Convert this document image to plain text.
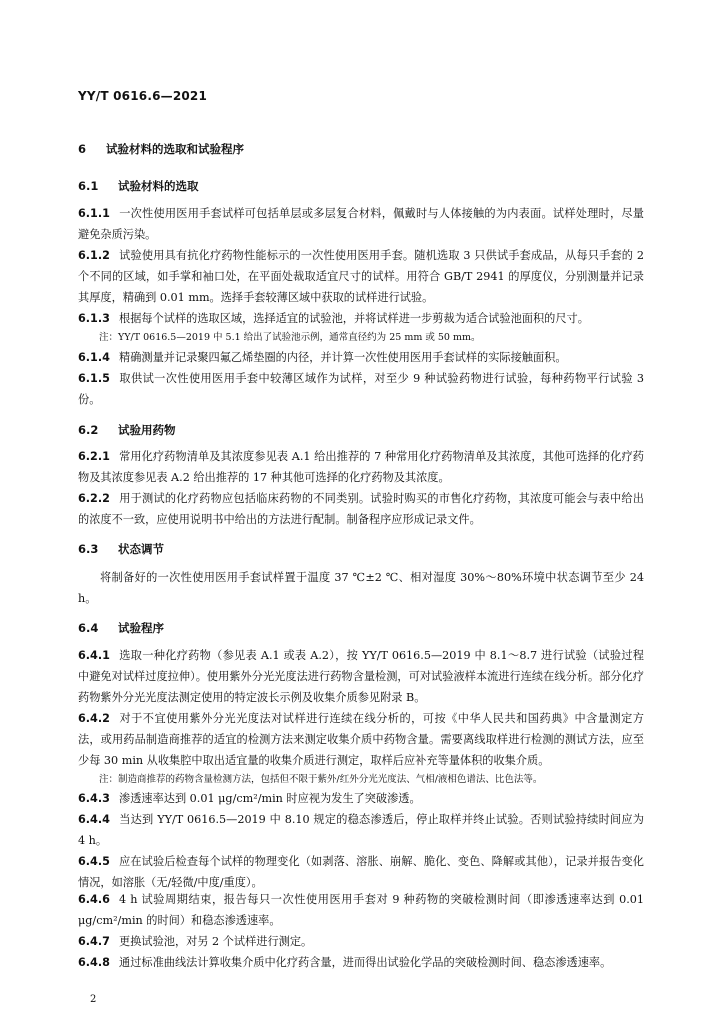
YY/T 0616.6—2021
6 试验材料的选取和试验程序
6.1 试验材料的选取
6.1.1 一次性使用医用手套试样可包括单层或多层复合材料，佩戴时与人体接触的为内表面。试样处理时，尽量避免杂质污染。
6.1.2 试验使用具有抗化疗药物性能标示的一次性使用医用手套。随机选取 3 只供试手套成品，从每只手套的 2 个不同的区域，如手掌和袖口处，在平面处裁取适宜尺寸的试样。用符合 GB/T 2941 的厚度仪，分别测量并记录其厚度，精确到 0.01 mm。选择手套较薄区域中获取的试样进行试验。
6.1.3 根据每个试样的选取区域，选择适宜的试验池，并将试样进一步剪裁为适合试验池面积的尺寸。
注：YY/T 0616.5—2019 中 5.1 给出了试验池示例，通常直径约为 25 mm 或 50 mm。
6.1.4 精确测量并记录聚四氟乙烯垫圈的内径，并计算一次性使用医用手套试样的实际接触面积。
6.1.5 取供试一次性使用医用手套中较薄区域作为试样，对至少 9 种试验药物进行试验，每种药物平行试验 3 份。
6.2 试验用药物
6.2.1 常用化疗药物清单及其浓度参见表 A.1 给出推荐的 7 种常用化疗药物清单及其浓度，其他可选择的化疗药物及其浓度参见表 A.2 给出推荐的 17 种其他可选择的化疗药物及其浓度。
6.2.2 用于测试的化疗药物应包括临床药物的不同类别。试验时购买的市售化疗药物，其浓度可能会与表中给出的浓度不一致，应使用说明书中给出的方法进行配制。制备程序应形成记录文件。
6.3 状态调节
将制备好的一次性使用医用手套试样置于温度 37 ℃±2 ℃、相对湿度 30%～80%环境中状态调节至少 24 h。
6.4 试验程序
6.4.1 选取一种化疗药物（参见表 A.1 或表 A.2），按 YY/T 0616.5—2019 中 8.1～8.7 进行试验（试验过程中避免对试样过度拉伸）。使用紫外分光光度法进行药物含量检测，可对试验液样本流进行连续在线分析。部分化疗药物紫外分光光度法测定使用的特定波长示例及收集介质参见附录 B。
6.4.2 对于不宜使用紫外分光光度法对试样进行连续在线分析的，可按《中华人民共和国药典》中含量测定方法，或用药品制造商推荐的适宜的检测方法来测定收集介质中药物含量。需要离线取样进行检测的测试方法，应至少每 30 min 从收集腔中取出适宜量的收集介质进行测定，取样后应补充等量体积的收集介质。
注：制造商推荐的药物含量检测方法，包括但不限于紫外/红外分光光度法、气相/液相色谱法、比色法等。
6.4.3 渗透速率达到 0.01 μg/cm²/min 时应视为发生了突破渗透。
6.4.4 当达到 YY/T 0616.5—2019 中 8.10 规定的稳态渗透后，停止取样并终止试验。否则试验持续时间应为 4 h。
6.4.5 应在试验后检查每个试样的物理变化（如剥落、溶胀、崩解、脆化、变色、降解或其他），记录并报告变化情况，如溶胀（无/轻微/中度/重度）。
6.4.6 4 h 试验周期结束，报告每只一次性使用医用手套对 9 种药物的突破检测时间（即渗透速率达到 0.01 μg/cm²/min 的时间）和稳态渗透速率。
6.4.7 更换试验池，对另 2 个试样进行测定。
6.4.8 通过标准曲线法计算收集介质中化疗药含量，进而得出试验化学品的突破检测时间、稳态渗透速率。
2
